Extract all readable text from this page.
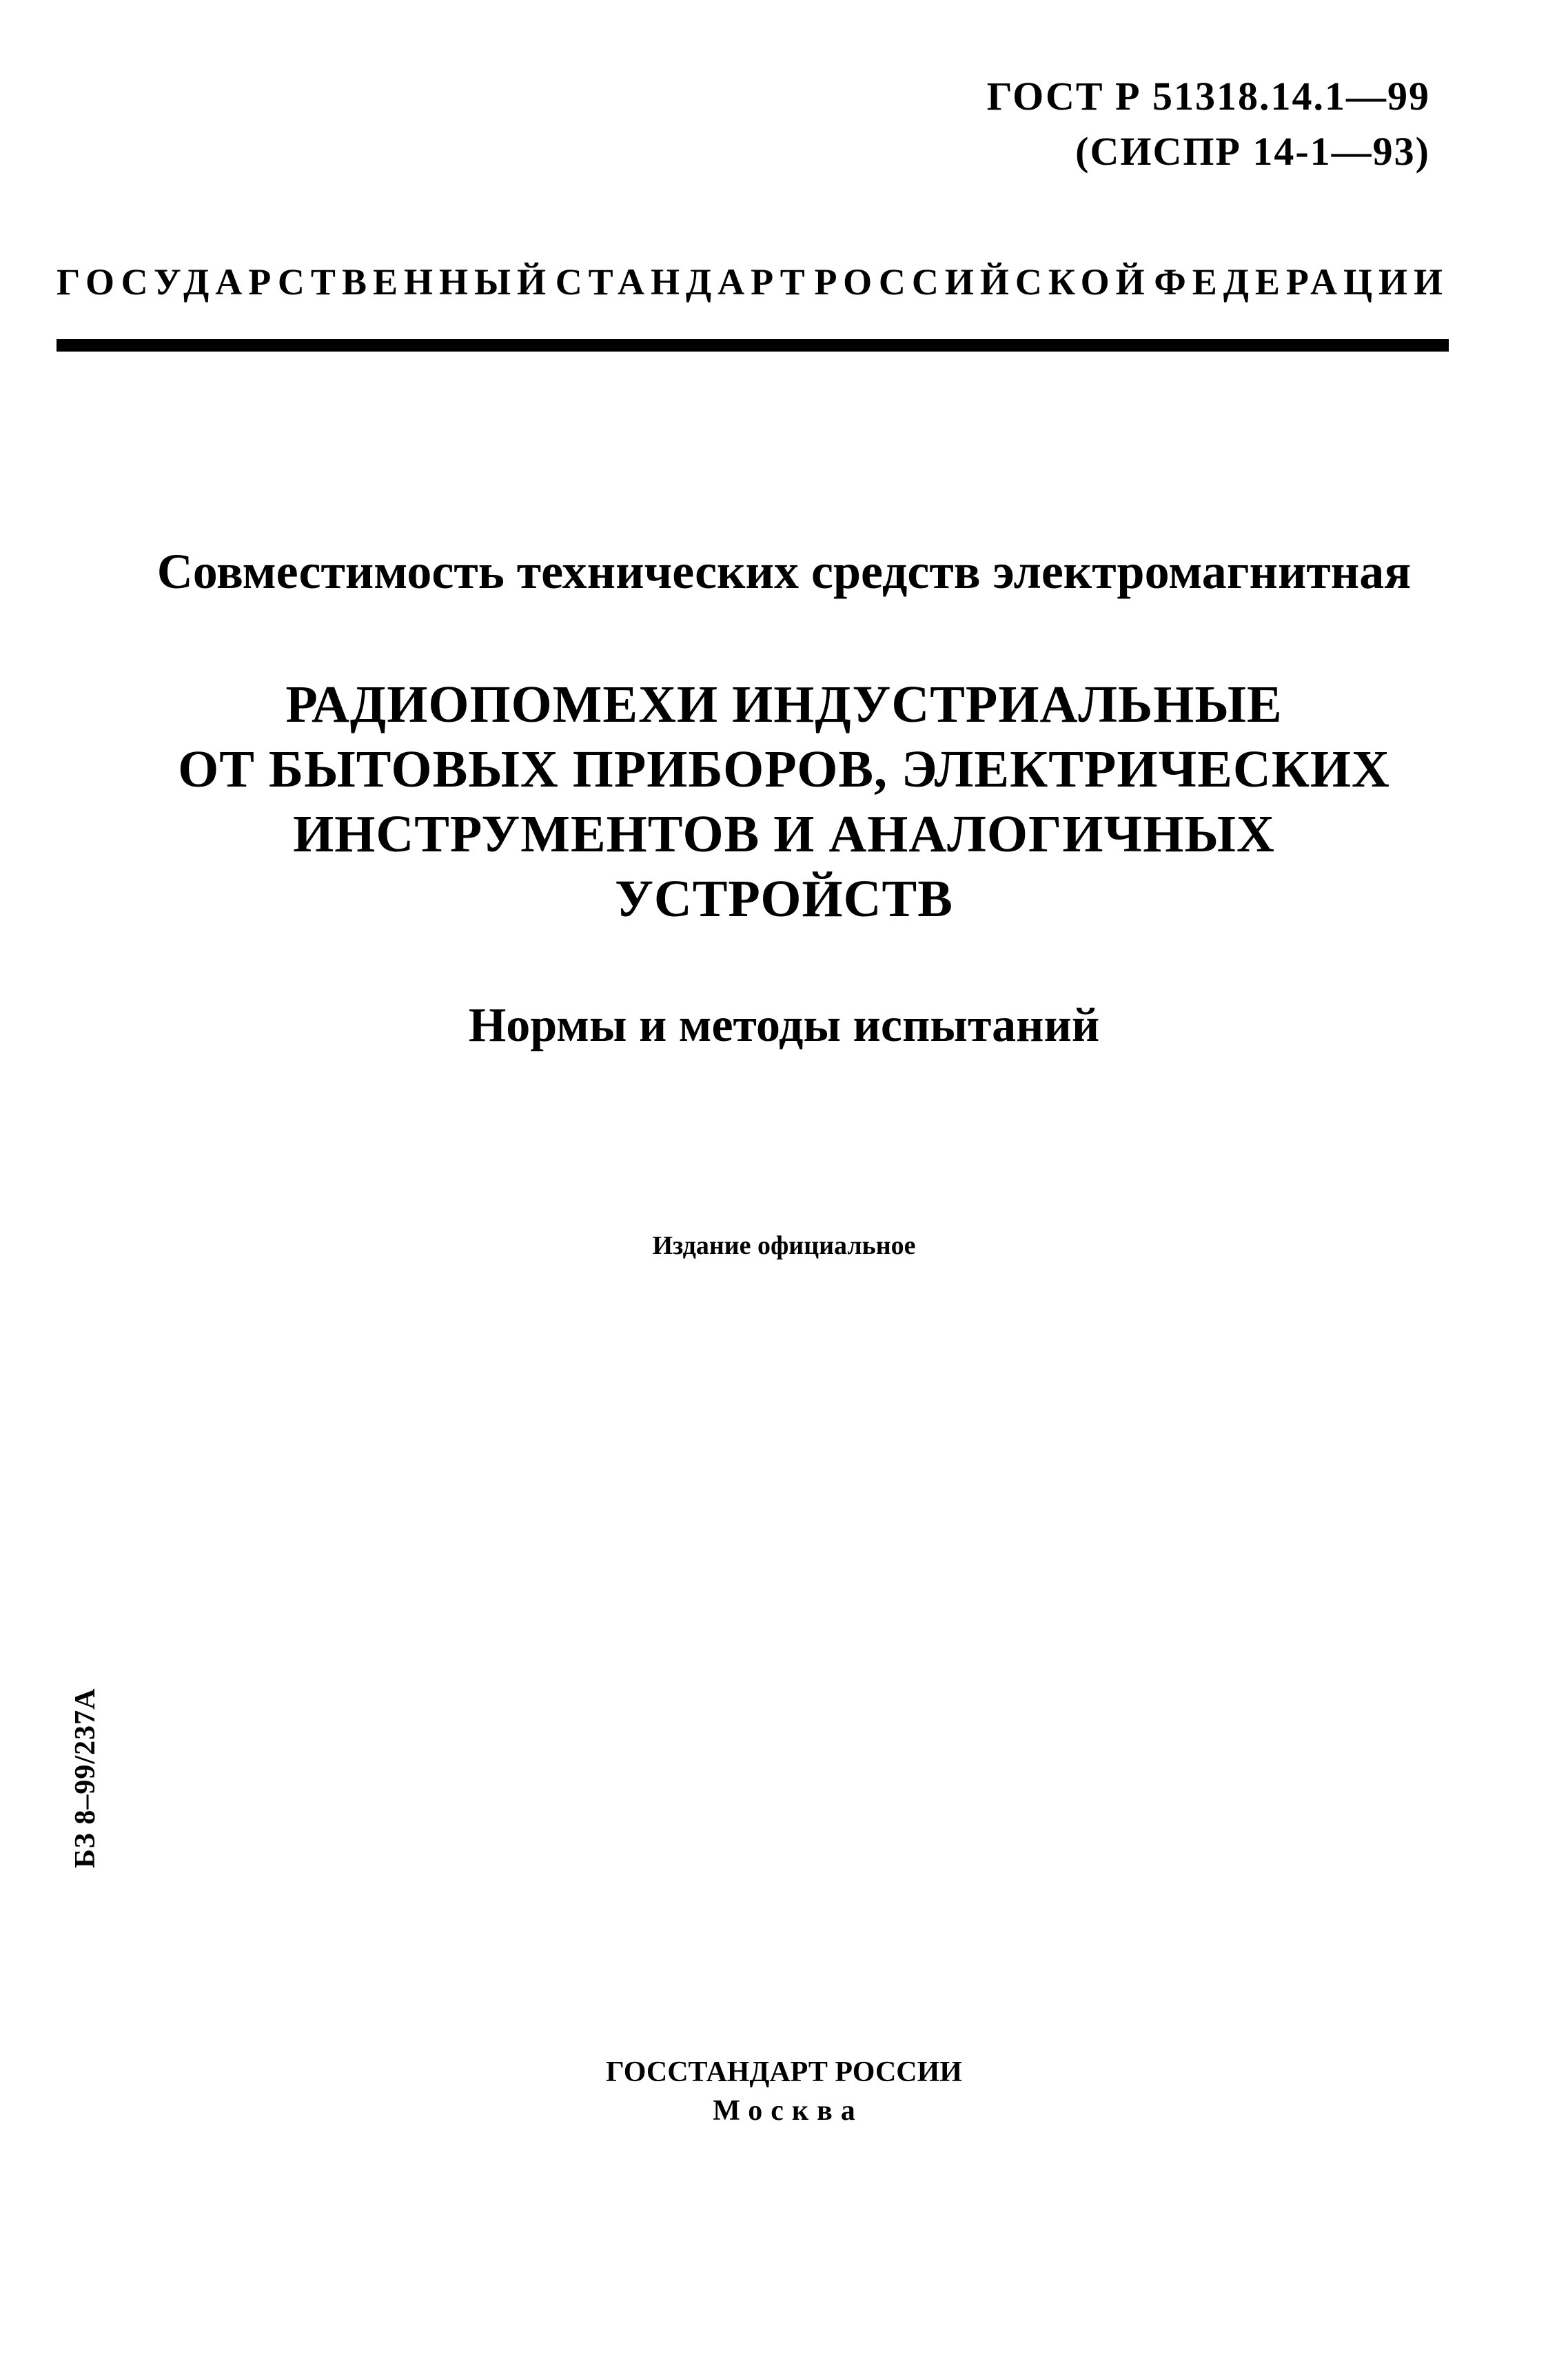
ГОСТ Р 51318.14.1—99
(СИСПР 14-1—93)
ГОСУДАРСТВЕННЫЙ СТАНДАРТ РОССИЙСКОЙ ФЕДЕРАЦИИ
Совместимость технических средств электромагнитная
РАДИОПОМЕХИ ИНДУСТРИАЛЬНЫЕ
ОТ БЫТОВЫХ ПРИБОРОВ, ЭЛЕКТРИЧЕСКИХ
ИНСТРУМЕНТОВ И АНАЛОГИЧНЫХ
УСТРОЙСТВ
Нормы и методы испытаний
Издание официальное
БЗ 8–99/237А
ГОССТАНДАРТ РОССИИ
Москва
